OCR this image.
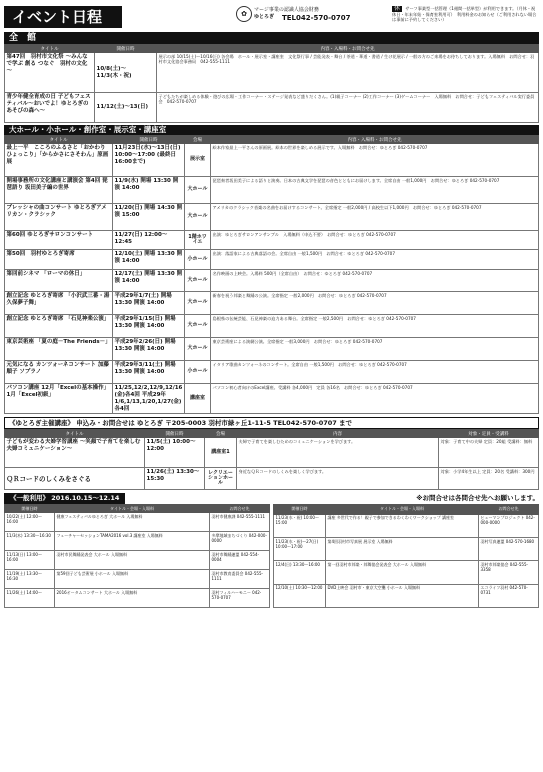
イベント日程	✿	マージ事業の認識人協会財務
ゆとろぎ	TEL042-570-0707
休 サーフ事業型一括管理（1週間一括単型）が利用できます。（月休・祝休日・年末年始・保育室利用可）　利用料金のお知らせ（ご利用されない場合は事前に予約してください）
全　館
タイトル	開催日時	内容・入場料・お問合せ先
第47回　羽村市文化祭 ～みんなで学ぶ 創る つなぐ　羽村の文化～	10/8(土)～ 11/3(木・祝)	展示の部 10/15(土)～10/16(日) 各会場　ホール・展示室・講座室　文化祭行事 / 芸能発表・舞台 / 茶道・華道・書道 / 生け花展示 / 一般の方のご来場をお待ちしております。入場無料　お問合せ：羽村市文化協会事務局　042-555-1111
青少年健全育成の日 子どもフェスティバル～おいでよ！ゆとろぎのあそびの森へ～	11/12(土)～13(日)	子どもたちが楽しめる体験・遊びの広場・工作コーナー・ステージ発表など盛りだくさん。(1)親子コーナー (2)工作コーナー (3)ゲームコーナー　入場無料　お問合せ：子どもフェスティバル実行委員会　042-570-0707
大ホール・小ホール・創作室・展示室・講座室
タイトル	開催日時	会場	内容・入場料・お問合せ先
最上一平　こころのふるさと「おかわりひょっこり」「からかさにさそわん」原画展	11月23日(水)～13日(日) 10:00～17:00 (最終日16:00まで)	展示室	絵本作家最上一平さんの原画展。絵本の世界を楽しめる展示です。入場無料　お問合せ：ゆとろぎ 042-570-0707
開場事務所の文化講座と講演会 第4回 琵琶語り 坂田美子編の世界	11/9(水) 開場 13:30 開演 14:00	大ホール	琵琶奏者坂田美子による語りと演奏。日本の古典文学を琵琶の音色とともにお届けします。全席自由 一般1,000円　お問合せ：ゆとろぎ 042-570-0707
プレッシャの曲コンサート ゆとろぎアメリカン・クラシック	11/20(日) 開場 14:30 開演 15:00	大ホール	アメリカのクラシック音楽の名曲をお届けするコンサート。全席指定 一般2,000円 / 高校生以下1,000円　お問合せ：ゆとろぎ 042-570-0707
第60回 ゆとろぎサロンコンサート	11/27(日) 12:00～12:45	1階ホワイエ	出演：ゆとろぎサロンアンサンブル　入場無料（申込不要）　お問合せ：ゆとろぎ 042-570-0707
第50回　羽村ゆとろぎ寄席	12/10(土) 開場 13:30 開演 14:00	小ホール	出演：落語家による古典落語の会。全席自由 一般1,500円　お問合せ：ゆとろぎ 042-570-0707
第回前シネマ 「ローマの休日」	12/17(土) 開場 13:30 開演 14:00	大ホール	名作映画の上映会。入場料 500円（全席自由）　お問合せ：ゆとろぎ 042-570-0707
創立記念 ゆとろぎ寄席 「小沢武三番・湯久保夢子舞」	平成29年1/7(土) 開場 13:30 開演 14:00	大ホール	新春を祝う邦楽と舞踊の公演。全席指定 一般2,000円　お問合せ：ゆとろぎ 042-570-0707
創立記念 ゆとろぎ寄席 「石見神楽公演」	平成29年1/15(日) 開場 13:30 開演 14:00	大ホール	島根県の伝統芸能、石見神楽の迫力ある舞台。全席指定 一般2,500円　お問合せ：ゆとろぎ 042-570-0707
東京芸術座 「夏の庭－The Friends－」	平成29年2/26(日) 開場 13:30 開演 14:00	大ホール	東京芸術座による演劇公演。全席指定 一般3,000円　お問合せ：ゆとろぎ 042-570-0707
元気になる カンツォーネコンサート 加藤順子 ソプラノ	平成29年3/11(土) 開場 13:30 開演 14:00	小ホール	イタリア歌曲カンツォーネのコンサート。全席自由 一般1,500円　お問合せ：ゆとろぎ 042-570-0707
パソコン講座 12月「Excelの基本操作」 1月「Excel初級」	11/25,12/2,12/9,12/16 (金)各4回 平成29年1/6,1/13,1/20,1/27(金)各4回	講座室	パソコン初心者向けのExcel講座。受講料 各4,000円　定員 各16名　お問合せ：ゆとろぎ 042-570-0707
《ゆとろぎ主催講座》 申込み・お問合せは ゆとろぎ 〒205-0003 羽村市緑ヶ丘1-11-5 TEL042-570-0707 まで
タイトル	開催日時	会場	内容	対象・定員・受講料
子どもが変わる夫婦学習講座 ～笑顔で子育てを楽しむ夫婦コミュニケーション～	11/5(土) 10:00～12:00	講座室1	夫婦で子育てを楽しむためのコミュニケーションを学びます。	対象：子育て中の夫婦 定員：20組 受講料：無料
ＱＲコードのしくみをさぐる	11/26(土) 13:30～15:30	レクリエーションホール	身近なＱＲコードのしくみを楽しく学びます。	対象：小学4年生以上 定員：20名 受講料：300円
《一般利用》 2016.10.15～12.14	※お問合せは各問合せ先へお願いします。
開催日時	タイトル・会場・入場料	お問合せ先
10/22(土) 12:00～16:00	健康フェスティバルゆとろぎ 大ホール 入場無料	羽村市健康課 042-555-1111
11/3(木) 13:30～16:30	フューチャーセッションTAMA2016 vol.3 講座室 入場無料	多摩地域まちづくり 042-000-0000
11/13(日) 13:00～16:00	羽村市民舞踊発表会 大ホール 入場無料	羽村市舞踊連盟 042-554-0004
11/19(土) 13:30～16:30	第59回子ども芸術展 小ホール 入場無料	羽村市教育委員会 042-555-1111
11/26(土) 14:00～	2016オータムコンサート 大ホール 入場無料	羽村フィルハーモニー 042-570-0707
開催日時	タイトル・会場・入場料	お問合せ先
11/23(水・祝) 10:00～15:00	講座 多世代で作る！親子で参加できるわくわくワークショップ 講座室	ヒューマンプロジェクト 042-000-0000
11/23(水・祝)～27(日) 10:00～17:00	第4回羽村市写真展 展示室 入場無料	羽村写真連盟 042-570-1680
12/4(日) 13:30～16:00	第一回羽村市邦楽・邦舞協会発表会 大ホール 入場無料	羽村市邦楽協会 042-555-3358
12/10(土) 10:30～12:00	DVD上映会 羽村市・東京大空襲 小ホール 入場無料	エコライフ羽村 042-570-0731
